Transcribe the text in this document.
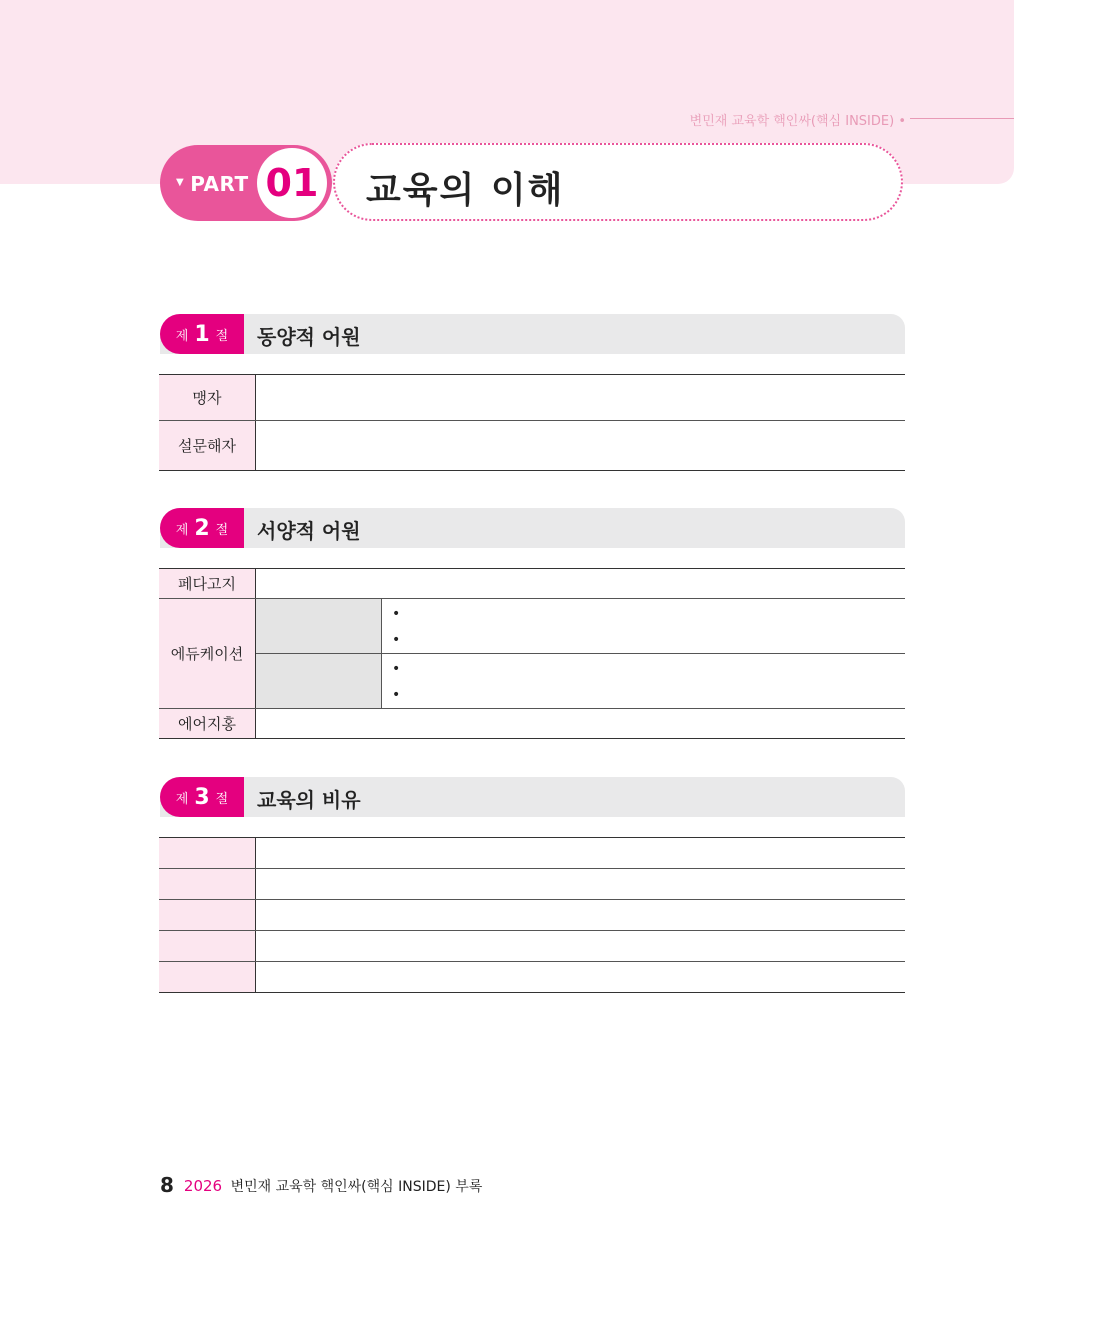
변민재 교육학 핵인싸(핵심 INSIDE) •
▼ PART 01 교육의 이해
제 1 절 동양적 어원
맹자
설문해자
제 2 절 서양적 어원
페다고지
에듀케이션
•
•
•
•
에어지홍
제 3 절 교육의 비유
8 2026 변민재 교육학 핵인싸(핵심 INSIDE) 부록
